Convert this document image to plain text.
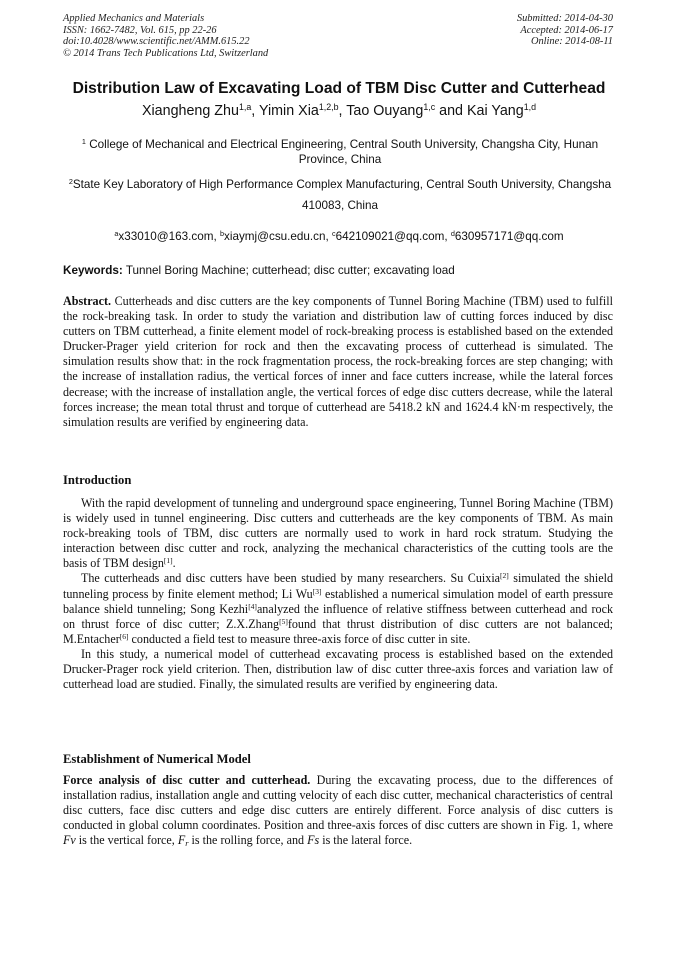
Applied Mechanics and Materials
ISSN: 1662-7482, Vol. 615, pp 22-26
doi:10.4028/www.scientific.net/AMM.615.22
© 2014 Trans Tech Publications Ltd, Switzerland
Submitted: 2014-04-30
Accepted: 2014-06-17
Online: 2014-08-11
Distribution Law of Excavating Load of TBM Disc Cutter and Cutterhead
Xiangheng Zhu$^{1,a}$, Yimin Xia$^{1,2,b}$, Tao Ouyang$^{1,c}$ and Kai Yang$^{1,d}$
$^1$ College of Mechanical and Electrical Engineering, Central South University, Changsha City, Hunan Province, China
$^2$State Key Laboratory of High Performance Complex Manufacturing, Central South University, Changsha 410083, China
$^a$x33010@163.com, $^b$xiaymj@csu.edu.cn, $^c$642109021@qq.com, $^d$630957171@qq.com
Keywords: Tunnel Boring Machine; cutterhead; disc cutter; excavating load

Abstract. Cutterheads and disc cutters are the key components of Tunnel Boring Machine (TBM) used to fulfill the rock-breaking task. In order to study the variation and distribution law of cutting forces induced by disc cutters on TBM cutterhead, a finite element model of rock-breaking process is established based on the extended Drucker-Prager yield criterion for rock and then the excavating process of cutterhead is simulated. The simulation results show that: in the rock fragmentation process, the rock-breaking forces are step changing; with the increase of installation radius, the vertical forces of inner and face cutters increase, while the lateral forces decrease; with the increase of installation angle, the vertical forces of edge disc cutters decrease, while the lateral forces increase; the mean total thrust and torque of cutterhead are 5418.2 kN and 1624.4 kN·m respectively, the simulation results are verified by engineering data.

Introduction

With the rapid development of tunneling and underground space engineering, Tunnel Boring Machine (TBM) is widely used in tunnel engineering. Disc cutters and cutterheads are the key components of TBM. As main rock-breaking tools of TBM, disc cutters are normally used to work in hard rock stratum. Studying the interaction between disc cutter and rock, analyzing the mechanical characteristics of the cutting tools are the basis of TBM design[1].

The cutterheads and disc cutters have been studied by many researchers. Su Cuixia[2] simulated the shield tunneling process by finite element method; Li Wu[3] established a numerical simulation model of earth pressure balance shield tunneling; Song Kezhi[4]analyzed the influence of relative stiffness between cutterhead and rock on thrust force of disc cutter; Z.X.Zhang[5]found that thrust distribution of disc cutters are not balanced; M.Entacher[6] conducted a field test to measure three-axis force of disc cutter in site.

In this study, a numerical model of cutterhead excavating process is established based on the extended Drucker-Prager rock yield criterion. Then, distribution law of disc cutter three-axis forces and variation law of cutterhead load are studied. Finally, the simulated results are verified by engineering data.

Establishment of Numerical Model

Force analysis of disc cutter and cutterhead. During the excavating process, due to the differences of installation radius, installation angle and cutting velocity of each disc cutter, mechanical characteristics of central disc cutters, face disc cutters and edge disc cutters are entirely different. Force analysis of disc cutters is conducted in global column coordinates. Position and three-axis forces of disc cutters are shown in Fig. 1, where Fv is the vertical force, $F_r$ is the rolling force, and Fs is the lateral force.
